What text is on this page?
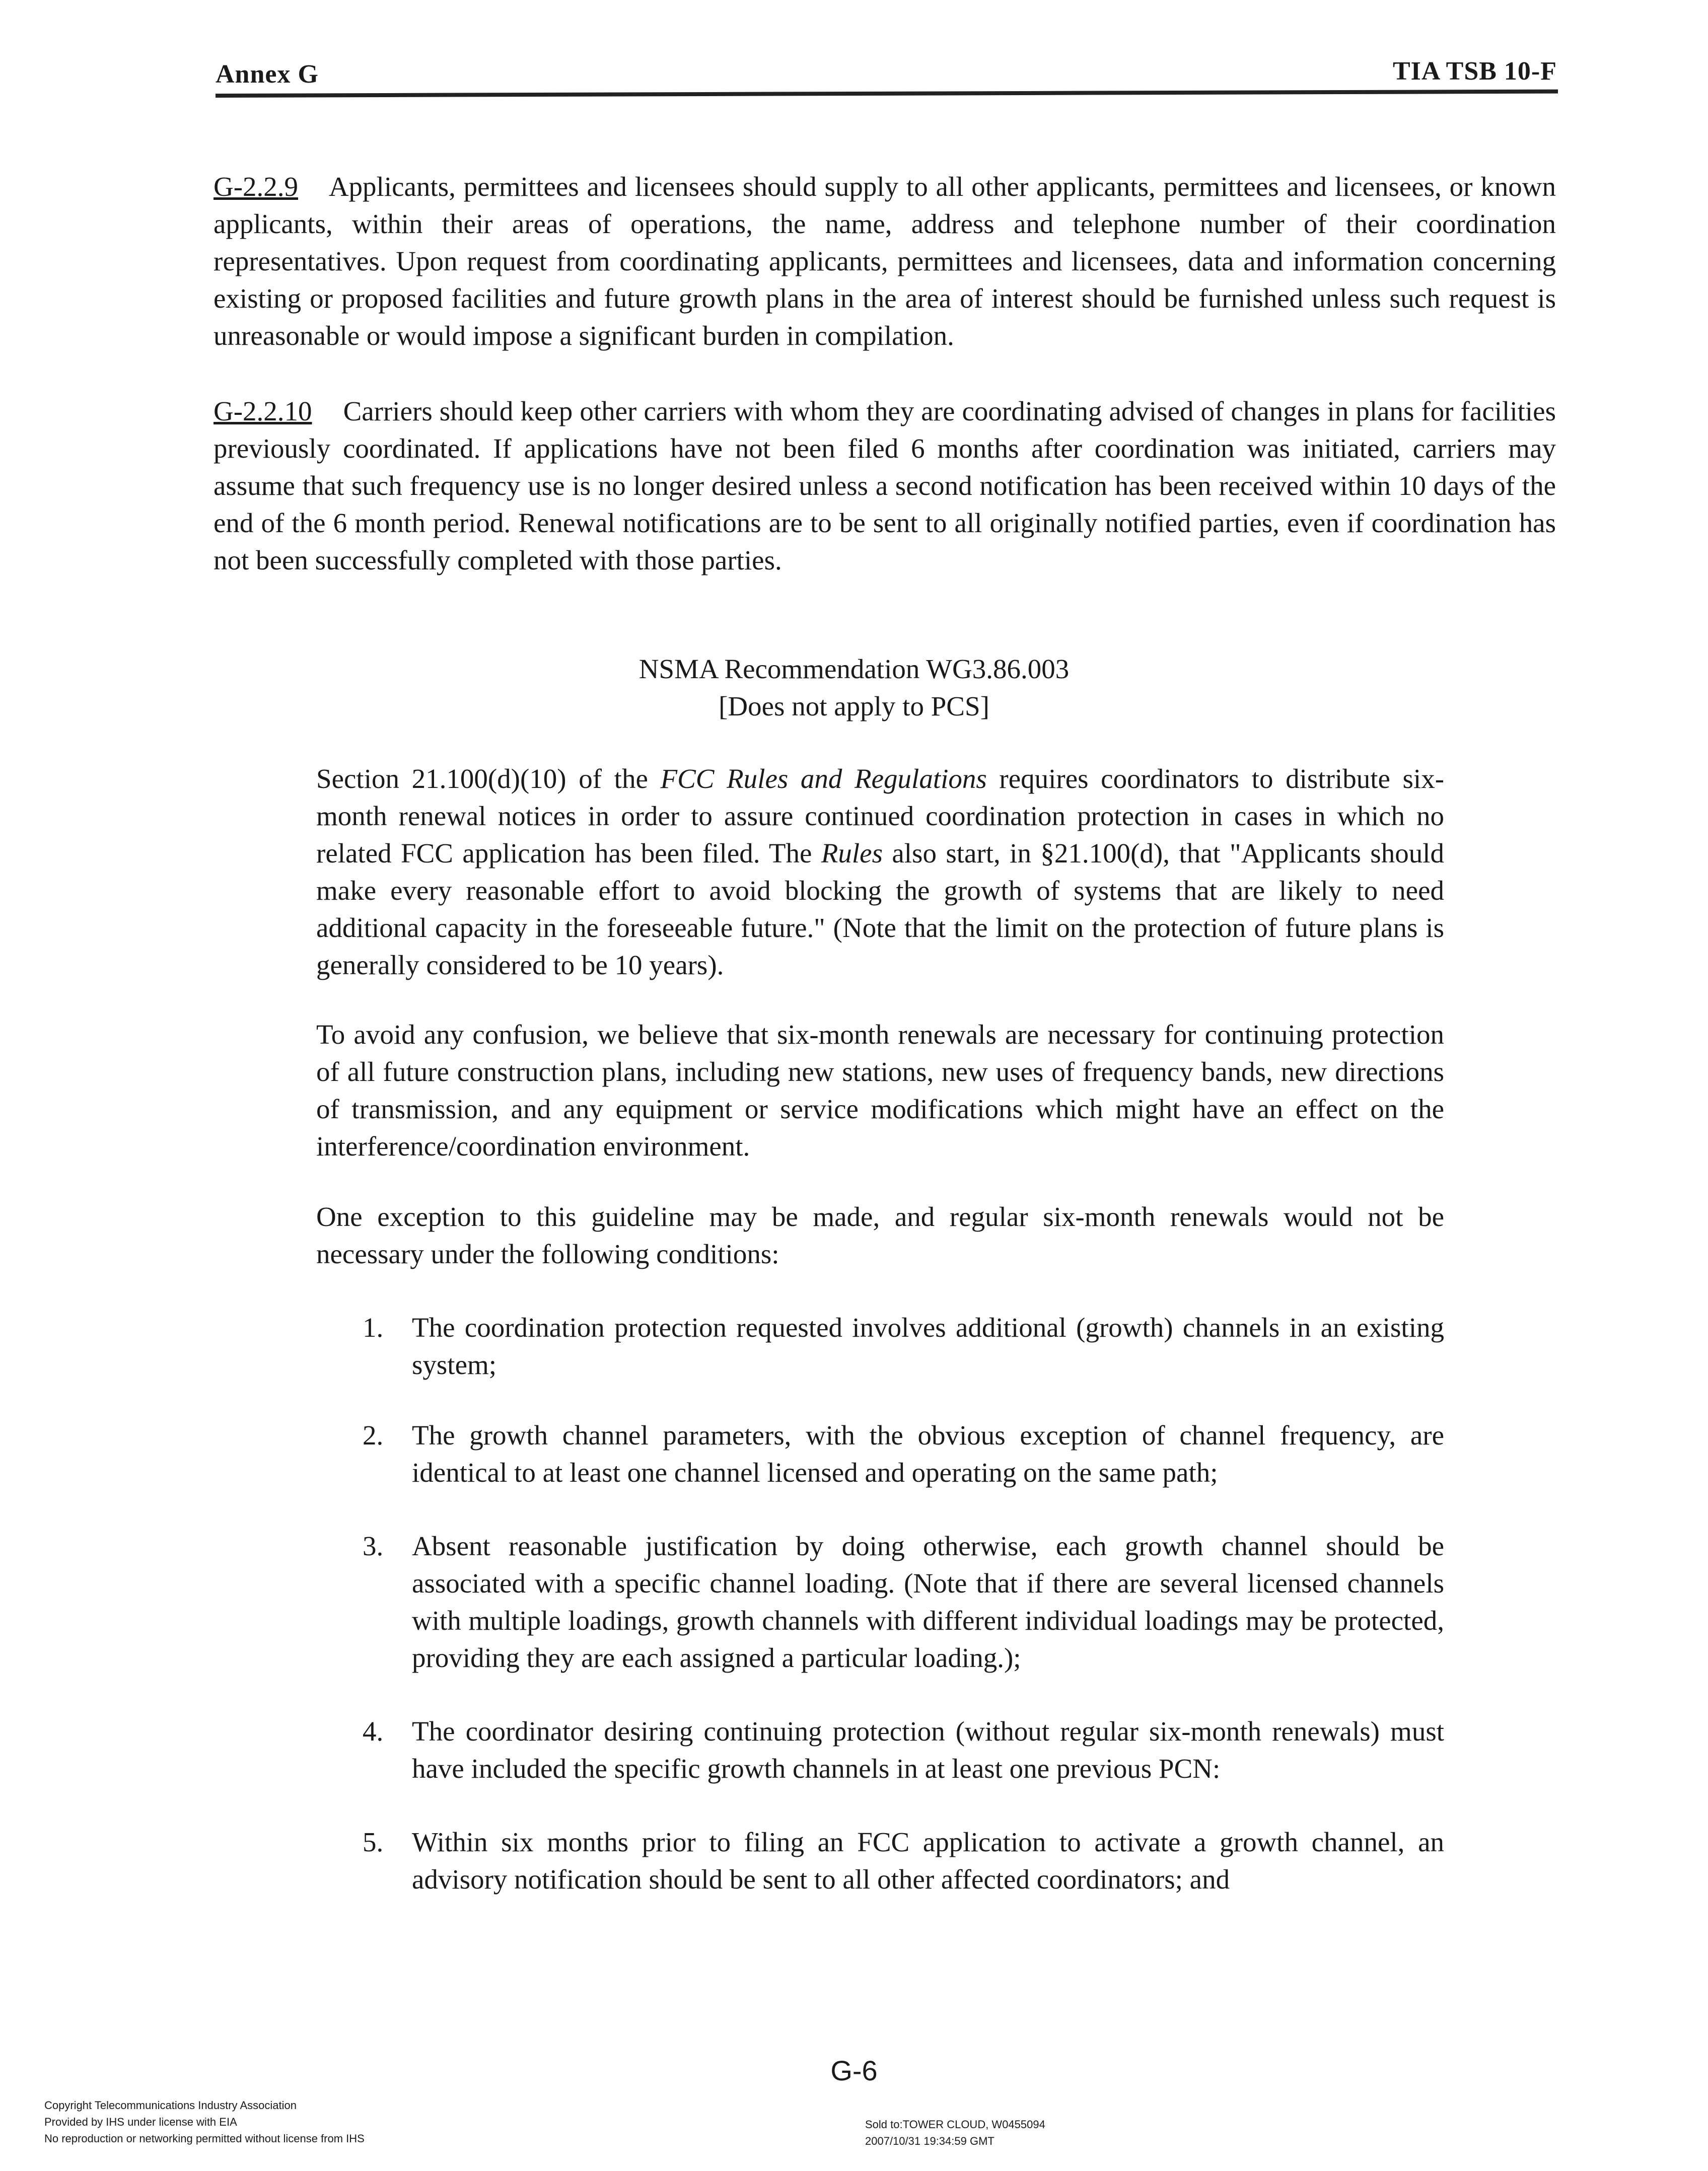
Annex G	TIA TSB 10-F
G-2.2.9 Applicants, permittees and licensees should supply to all other applicants, permittees and licensees, or known applicants, within their areas of operations, the name, address and telephone number of their coordination representatives. Upon request from coordinating applicants, permittees and licensees, data and information concerning existing or proposed facilities and future growth plans in the area of interest should be furnished unless such request is unreasonable or would impose a significant burden in compilation.
G-2.2.10 Carriers should keep other carriers with whom they are coordinating advised of changes in plans for facilities previously coordinated. If applications have not been filed 6 months after coordination was initiated, carriers may assume that such frequency use is no longer desired unless a second notification has been received within 10 days of the end of the 6 month period. Renewal notifications are to be sent to all originally notified parties, even if coordination has not been successfully completed with those parties.
NSMA Recommendation WG3.86.003
[Does not apply to PCS]
Section 21.100(d)(10) of the FCC Rules and Regulations requires coordinators to distribute six-month renewal notices in order to assure continued coordination protection in cases in which no related FCC application has been filed. The Rules also start, in §21.100(d), that "Applicants should make every reasonable effort to avoid blocking the growth of systems that are likely to need additional capacity in the foreseeable future." (Note that the limit on the protection of future plans is generally considered to be 10 years).
To avoid any confusion, we believe that six-month renewals are necessary for continuing protection of all future construction plans, including new stations, new uses of frequency bands, new directions of transmission, and any equipment or service modifications which might have an effect on the interference/coordination environment.
One exception to this guideline may be made, and regular six-month renewals would not be necessary under the following conditions:
1. The coordination protection requested involves additional (growth) channels in an existing system;
2. The growth channel parameters, with the obvious exception of channel frequency, are identical to at least one channel licensed and operating on the same path;
3. Absent reasonable justification by doing otherwise, each growth channel should be associated with a specific channel loading. (Note that if there are several licensed channels with multiple loadings, growth channels with different individual loadings may be protected, providing they are each assigned a particular loading.);
4. The coordinator desiring continuing protection (without regular six-month renewals) must have included the specific growth channels in at least one previous PCN:
5. Within six months prior to filing an FCC application to activate a growth channel, an advisory notification should be sent to all other affected coordinators; and
G-6
Copyright Telecommunications Industry Association
Provided by IHS under license with EIA
No reproduction or networking permitted without license from IHS
Sold to:TOWER CLOUD, W0455094
2007/10/31 19:34:59 GMT
